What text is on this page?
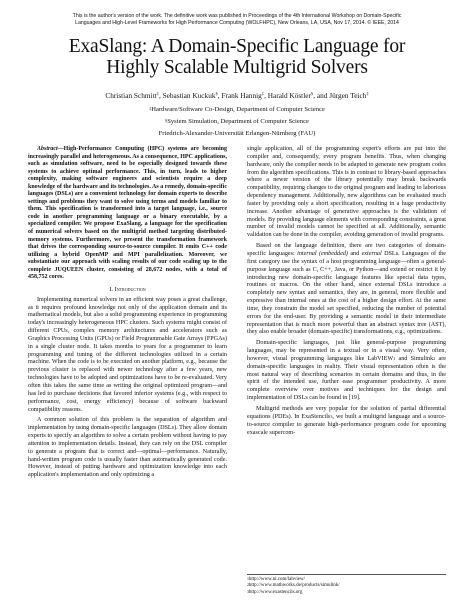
This is the author's version of the work. The definitive work was published in Proceedings of the 4th International Workshop on Domain-Specific
Languages and High-Level Frameworks for High Performance Computing (WOLFHPC), New Orleans, LA, USA, Nov 17, 2014. © IEEE, 2014
ExaSlang: A Domain-Specific Language for
Highly Scalable Multigrid Solvers
Christian Schmitt‡, Sebastian Kuckuk§, Frank Hannig‡, Harald Köstler§, and Jürgen Teich‡
‡Hardware/Software Co-Design, Department of Computer Science
§System Simulation, Department of Computer Science
Friedrich-Alexander-Universität Erlangen-Nürnberg (FAU)

Abstract—High-Performance Computing (HPC) systems are becoming increasingly parallel and heterogeneous. As a consequence, HPC applications, such as simulation software, need to be especially designed towards these systems to achieve optimal performance. This, in turn, leads to higher complexity, making software engineers and scientists require a deep knowledge of the hardware and its technologies. As a remedy, domain-specific languages (DSLs) are a convenient technology for domain experts to describe settings and problems they want to solve using terms and models familiar to them. This specification is transformed into a target language, i.e., source code in another programming language or a binary executable, by a specialized compiler. We propose ExaSlang, a language for the specification of numerical solvers based on the multigrid method targeting distributed-memory systems. Furthermore, we present the transformation framework that drives the corresponding source-to-source compiler. It emits C++ code utilizing a hybrid OpenMP and MPI parallelization. Moreover, we substantiate our approach with scaling results of our code scaling up to the complete JUQUEEN cluster, consisting of 28,672 nodes, with a total of 458,752 cores.

I. Introduction

Implementing numerical solvers in an efficient way poses a great challenge, as it requires profound knowledge not only of the application domain and its mathematical models, but also a solid programming experience in programming today's increasingly heterogeneous HPC clusters. Such systems might consist of different CPUs, complex memory architectures and accelerators such as Graphics Processing Units (GPUs) or Field Programmable Gate Arrays (FPGAs) in a single cluster node. It takes months to years for a programmer to learn programming and tuning of the different technologies utilized in a certain machine. When the code is to be executed on another platform, e.g., because the previous cluster is replaced with newer technology after a few years, new technologies have to be adopted and optimizations have to be re-evaluated. Very often this takes the same time as writing the original optimized program—and has led to purchase decisions that favored inferior systems (e.g., with respect to performance, cost, energy efficiency) because of software backward compatibility reasons.

A common solution of this problem is the separation of algorithm and implementation by using domain-specific languages (DSLs). They allow domain experts to specify an algorithm to solve a certain problem without having to pay attention to implementation details. Instead, they can rely on the DSL compiler to generate a program that is correct and—optimal—performance. Naturally, hand-written program code is usually faster than automatically generated code. However, instead of putting hardware and optimization knowledge into each application's implementation and only optimizing a

single application, all of the programming expert's efforts are put into the compiler and, consequently, every program benefits. Thus, when changing hardware, only the compiler needs to be adapted to generate new program codes from the algorithm specifications. This is in contrast to library-based approaches where a newer version of the library potentially may break backwards compatibility, requiring changes to the original program and leading to laborious dependency management. Additionally, new algorithms can be evaluated much faster by providing only a short specification, resulting in a huge productivity increase. Another advantage of generative approaches is the validation of models. By providing language elements with corresponding constraints, a great number of invalid models cannot be specified at all. Additionally, semantic validation can be done in the compiler, avoiding generation of invalid programs.

Based on the language definition, there are two categories of domain-specific languages: internal (embedded) and external DSLs. Languages of the first category use the syntax of a host programming language—often a general-purpose language such as C, C++, Java, or Python—and extend or restrict it by introducing new domain-specific language features like special data types, routines or macros. On the other hand, since external DSLs introduce a completely new syntax and semantics, they are, in general, more flexible and expressive than internal ones at the cost of a higher design effort. At the same time, they constrain the model set specified, reducing the number of potential errors for the end-user. By providing a semantic model in their intermediate representation that is much more powerful than an abstract syntax tree (AST), they also enable broader (domain-specific) transformations, e.g., optimizations.

Domain-specific languages, just like general-purpose programming languages, may be represented in a textual or in a visual way. Very often, however, visual programming languages like LabVIEW$^1$ and Simulink$^2$ are domain-specific languages in reality. Their visual representation often is the most natural way of describing scenarios in certain domains and thus, in the spirit of the intended use, further ease programmer productivity. A more complete overview over motives and techniques for the design and implementation of DSLs can be found in [19].

Multigrid methods are very popular for the solution of partial differential equations (PDEs). In ExaStencils$^3$, we built a multigrid language and a source-to-source compiler to generate high-performance program code for upcoming exascale supercom-

$^1$http://www.ni.com/labview/
$^2$http://www.mathworks.de/products/simulink/
$^3$http://www.exastencils.org
